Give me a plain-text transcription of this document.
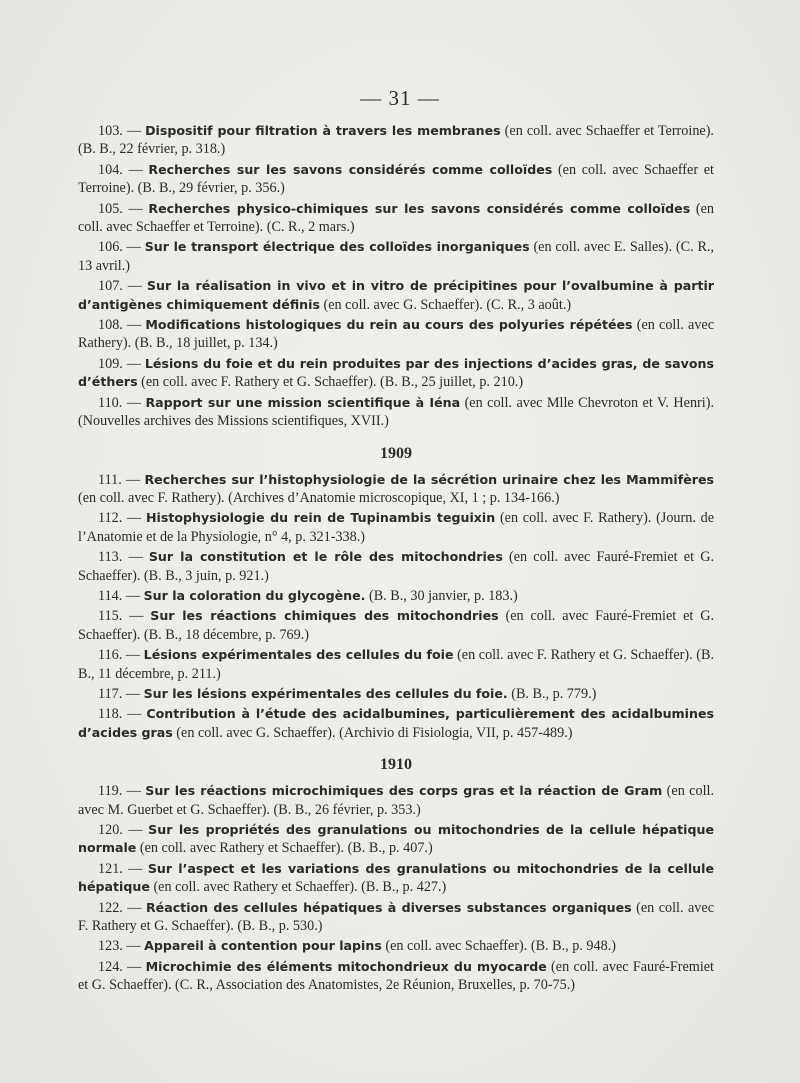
— 31 —

103. — Dispositif pour filtration à travers les membranes (en coll. avec Schaeffer et Terroine). (B. B., 22 février, p. 318.)

104. — Recherches sur les savons considérés comme colloïdes (en coll. avec Schaeffer et Terroine). (B. B., 29 février, p. 356.)

105. — Recherches physico-chimiques sur les savons considérés comme colloïdes (en coll. avec Schaeffer et Terroine). (C. R., 2 mars.)

106. — Sur le transport électrique des colloïdes inorganiques (en coll. avec E. Salles). (C. R., 13 avril.)

107. — Sur la réalisation in vivo et in vitro de précipitines pour l’ovalbumine à partir d’antigènes chimiquement définis (en coll. avec G. Schaeffer). (C. R., 3 août.)

108. — Modifications histologiques du rein au cours des polyuries répétées (en coll. avec Rathery). (B. B., 18 juillet, p. 134.)

109. — Lésions du foie et du rein produites par des injections d’acides gras, de savons d’éthers (en coll. avec F. Rathery et G. Schaeffer). (B. B., 25 juillet, p. 210.)

110. — Rapport sur une mission scientifique à Iéna (en coll. avec Mlle Chevroton et V. Henri). (Nouvelles archives des Missions scientifiques, XVII.)

1909

111. — Recherches sur l’histophysiologie de la sécrétion urinaire chez les Mammifères (en coll. avec F. Rathery). (Archives d’Anatomie microscopique, XI, 1 ; p. 134-166.)

112. — Histophysiologie du rein de Tupinambis teguixin (en coll. avec F. Rathery). (Journ. de l’Anatomie et de la Physiologie, n° 4, p. 321-338.)

113. — Sur la constitution et le rôle des mitochondries (en coll. avec Fauré-Fremiet et G. Schaeffer). (B. B., 3 juin, p. 921.)

114. — Sur la coloration du glycogène. (B. B., 30 janvier, p. 183.)

115. — Sur les réactions chimiques des mitochondries (en coll. avec Fauré-Fremiet et G. Schaeffer). (B. B., 18 décembre, p. 769.)

116. — Lésions expérimentales des cellules du foie (en coll. avec F. Rathery et G. Schaeffer). (B. B., 11 décembre, p. 211.)

117. — Sur les lésions expérimentales des cellules du foie. (B. B., p. 779.)

118. — Contribution à l’étude des acidalbumines, particulièrement des acidalbumines d’acides gras (en coll. avec G. Schaeffer). (Archivio di Fisiologia, VII, p. 457-489.)

1910

119. — Sur les réactions microchimiques des corps gras et la réaction de Gram (en coll. avec M. Guerbet et G. Schaeffer). (B. B., 26 février, p. 353.)

120. — Sur les propriétés des granulations ou mitochondries de la cellule hépatique normale (en coll. avec Rathery et Schaeffer). (B. B., p. 407.)

121. — Sur l’aspect et les variations des granulations ou mitochondries de la cellule hépatique (en coll. avec Rathery et Schaeffer). (B. B., p. 427.)

122. — Réaction des cellules hépatiques à diverses substances organiques (en coll. avec F. Rathery et G. Schaeffer). (B. B., p. 530.)

123. — Appareil à contention pour lapins (en coll. avec Schaeffer). (B. B., p. 948.)

124. — Microchimie des éléments mitochondrieux du myocarde (en coll. avec Fauré-Fremiet et G. Schaeffer). (C. R., Association des Anatomistes, 2e Réunion, Bruxelles, p. 70-75.)
